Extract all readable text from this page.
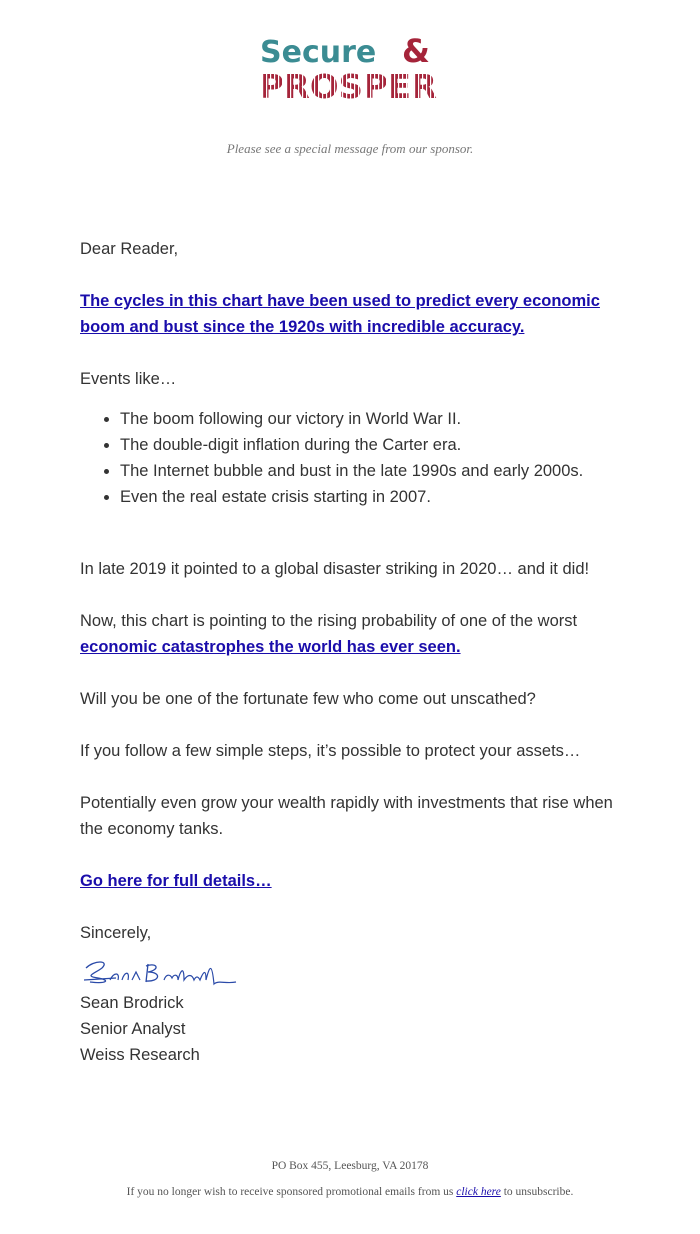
Secure &
PROSPER
Please see a special message from our sponsor.

Dear Reader,

The cycles in this chart have been used to predict every economic boom and bust since the 1920s with incredible accuracy.

Events like…

• The boom following our victory in World War II.
• The double-digit inflation during the Carter era.
• The Internet bubble and bust in the late 1990s and early 2000s.
• Even the real estate crisis starting in 2007.

In late 2019 it pointed to a global disaster striking in 2020… and it did!

Now, this chart is pointing to the rising probability of one of the worst economic catastrophes the world has ever seen.

Will you be one of the fortunate few who come out unscathed?

If you follow a few simple steps, it’s possible to protect your assets…

Potentially even grow your wealth rapidly with investments that rise when the economy tanks.

Go here for full details…

Sincerely,

Sean Brodrick
Senior Analyst
Weiss Research
PO Box 455, Leesburg, VA 20178
If you no longer wish to receive sponsored promotional emails from us click here to unsubscribe.
